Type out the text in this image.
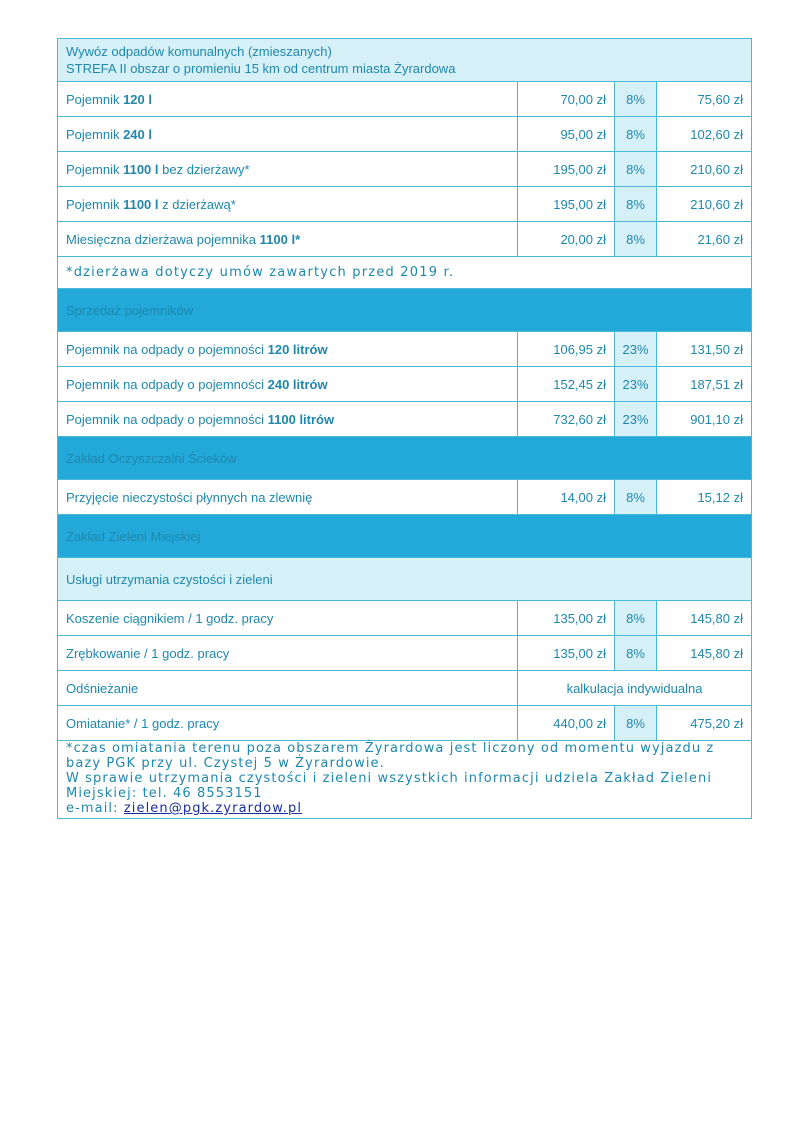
Wywóz odpadów komunalnych (zmieszanych)
STREFA II obszar o promieniu 15 km od centrum miasta Żyrardowa			

Pojemnik 120 l	70,00 zł	8%	75,60 zł
Pojemnik 240 l	95,00 zł	8%	102,60 zł
Pojemnik 1100 l bez dzierżawy*	195,00 zł	8%	210,60 zł
Pojemnik 1100 l z dzierżawą*	195,00 zł	8%	210,60 zł
Miesięczna dzierżawa pojemnika 1100 l*	20,00 zł	8%	21,60 zł
*dzierżawa dotyczy umów zawartych przed 2019 r.			
Sprzedaż pojemników			
Pojemnik na odpady o pojemności 120 litrów	106,95 zł	23%	131,50 zł
Pojemnik na odpady o pojemności 240 litrów	152,45 zł	23%	187,51 zł
Pojemnik na odpady o pojemności 1100 litrów	732,60 zł	23%	901,10 zł
Zakład Oczyszczalni Ścieków			
Przyjęcie nieczystości płynnych na zlewnię	14,00 zł	8%	15,12 zł
Zakład Zieleni Miejskiej			
Usługi utrzymania czystości i zieleni			
Koszenie ciągnikiem / 1 godz. pracy	135,00 zł	8%	145,80 zł
Zrębkowanie / 1 godz. pracy	135,00 zł	8%	145,80 zł
Odśnieżanie	kalkulacja indywidualna		
Omiatanie* / 1 godz. pracy	440,00 zł	8%	475,20 zł

*czas omiatania terenu poza obszarem Żyrardowa jest liczony od momentu wyjazdu z bazy PGK przy ul. Czystej 5 w Żyrardowie.
W sprawie utrzymania czystości i zieleni wszystkich informacji udziela Zakład Zieleni Miejskiej: tel. 46 8553151
e-mail: zielen@pgk.zyrardow.pl			
